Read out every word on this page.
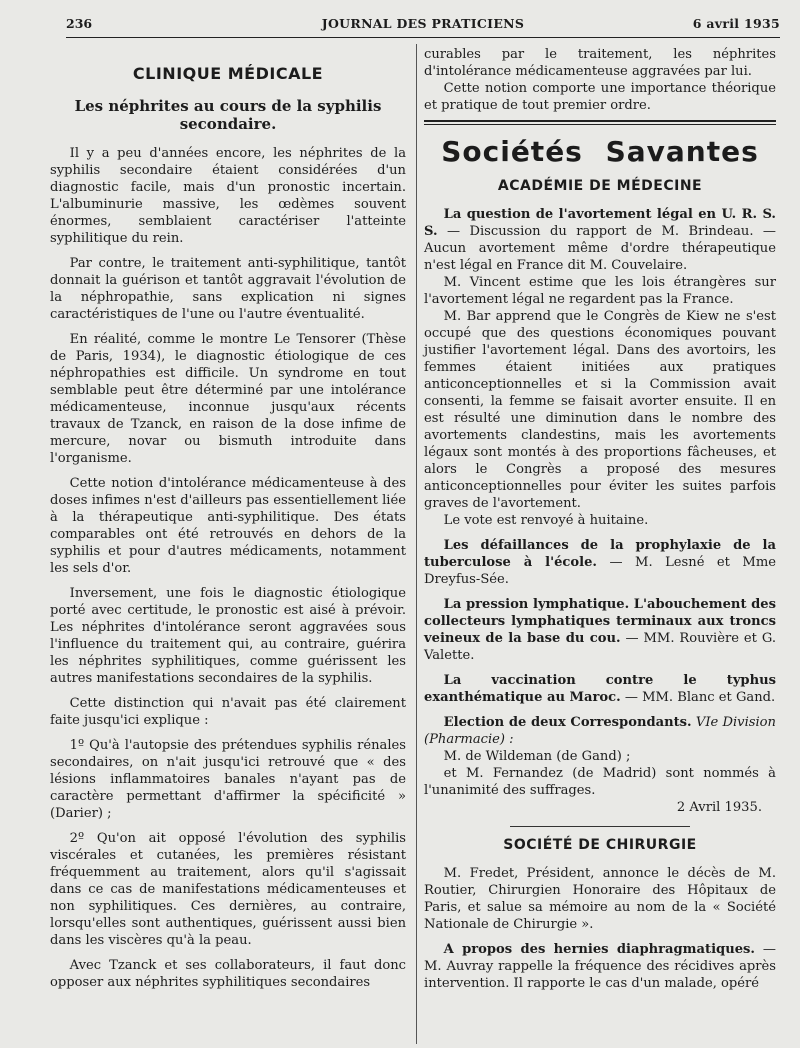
236	JOURNAL DES PRATICIENS	6 avril 1935
CLINIQUE MÉDICALE
Les néphrites au cours de la syphilis secondaire.

Il y a peu d'années encore, les néphrites de la syphilis secondaire étaient considérées d'un diagnostic facile, mais d'un pronostic incertain. L'albuminurie massive, les œdèmes souvent énormes, semblaient caractériser l'atteinte syphilitique du rein.

Par contre, le traitement anti-syphilitique, tantôt donnait la guérison et tantôt aggravait l'évolution de la néphropathie, sans explication ni signes caractéristiques de l'une ou l'autre éventualité.

En réalité, comme le montre Le Tensorer (Thèse de Paris, 1934), le diagnostic étiologique de ces néphropathies est difficile. Un syndrome en tout semblable peut être déterminé par une intolérance médicamenteuse, inconnue jusqu'aux récents travaux de Tzanck, en raison de la dose infime de mercure, novar ou bismuth introduite dans l'organisme.

Cette notion d'intolérance médicamenteuse à des doses infimes n'est d'ailleurs pas essentiellement liée à la thérapeutique anti-syphilitique. Des états comparables ont été retrouvés en dehors de la syphilis et pour d'autres médicaments, notamment les sels d'or.

Inversement, une fois le diagnostic étiologique porté avec certitude, le pronostic est aisé à prévoir. Les néphrites d'intolérance seront aggravées sous l'influence du traitement qui, au contraire, guérira les néphrites syphilitiques, comme guérissent les autres manifestations secondaires de la syphilis.

Cette distinction qui n'avait pas été clairement faite jusqu'ici explique :

1º Qu'à l'autopsie des prétendues syphilis rénales secondaires, on n'ait jusqu'ici retrouvé que « des lésions inflammatoires banales n'ayant pas de caractère permettant d'affirmer la spécificité » (Darier) ;

2º Qu'on ait opposé l'évolution des syphilis viscérales et cutanées, les premières résistant fréquemment au traitement, alors qu'il s'agissait dans ce cas de manifestations médicamenteuses et non syphilitiques. Ces dernières, au contraire, lorsqu'elles sont authentiques, guérissent aussi bien dans les viscères qu'à la peau.

Avec Tzanck et ses collaborateurs, il faut donc opposer aux néphrites syphilitiques secondaires

curables par le traitement, les néphrites d'intolérance médicamenteuse aggravées par lui.

Cette notion comporte une importance théorique et pratique de tout premier ordre.

Sociétés Savantes
ACADÉMIE DE MÉDECINE

La question de l'avortement légal en U. R. S. S. — Discussion du rapport de M. Brindeau. — Aucun avortement même d'ordre thérapeutique n'est légal en France dit M. Couvelaire.

M. Vincent estime que les lois étrangères sur l'avortement légal ne regardent pas la France.

M. Bar apprend que le Congrès de Kiew ne s'est occupé que des questions économiques pouvant justifier l'avortement légal. Dans des avortoirs, les femmes étaient initiées aux pratiques anticonceptionnelles et si la Commission avait consenti, la femme se faisait avorter ensuite. Il en est résulté une diminution dans le nombre des avortements clandestins, mais les avortements légaux sont montés à des proportions fâcheuses, et alors le Congrès a proposé des mesures anticonceptionnelles pour éviter les suites parfois graves de l'avortement.

Le vote est renvoyé à huitaine.

Les défaillances de la prophylaxie de la tuberculose à l'école. — M. Lesné et Mme Dreyfus-Sée.

La pression lymphatique. L'abouchement des collecteurs lymphatiques terminaux aux troncs veineux de la base du cou. — MM. Rouvière et G. Valette.

La vaccination contre le typhus exanthématique au Maroc. — MM. Blanc et Gand.

Election de deux Correspondants. VIe Division (Pharmacie) :

M. de Wildeman (de Gand) ;

et M. Fernandez (de Madrid) sont nommés à l'unanimité des suffrages.

2 Avril 1935.

SOCIÉTÉ DE CHIRURGIE

M. Fredet, Président, annonce le décès de M. Routier, Chirurgien Honoraire des Hôpitaux de Paris, et salue sa mémoire au nom de la « Société Nationale de Chirurgie ».

A propos des hernies diaphragmatiques. — M. Auvray rappelle la fréquence des récidives après intervention. Il rapporte le cas d'un malade, opéré
